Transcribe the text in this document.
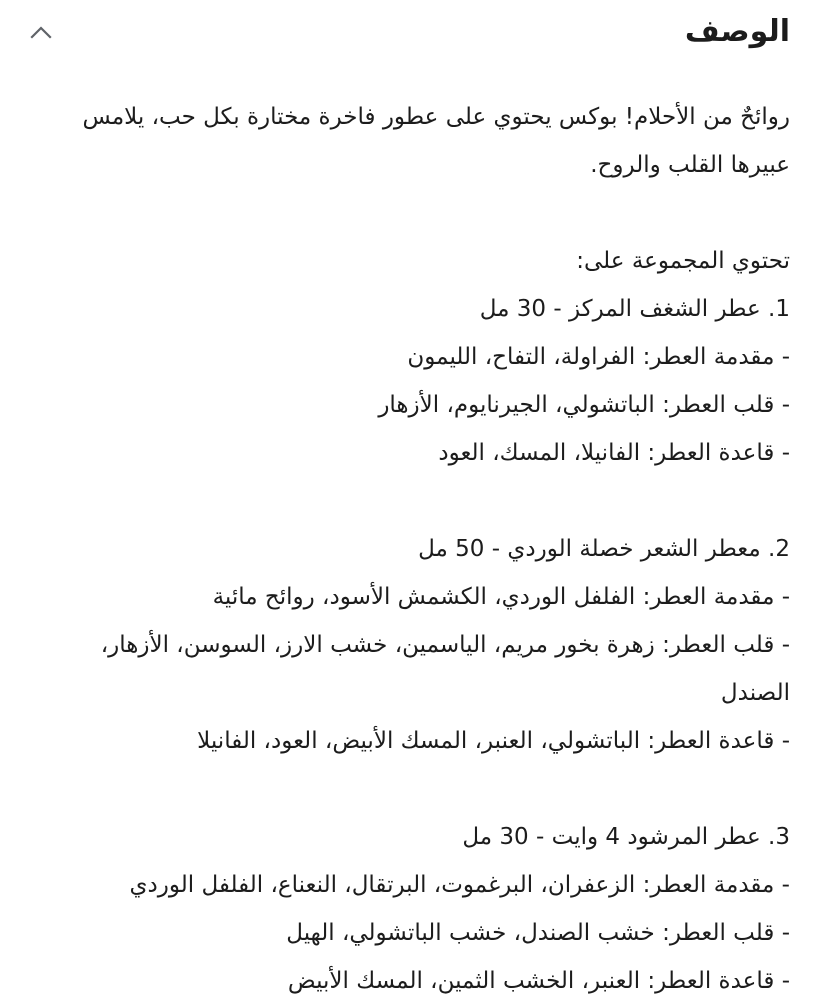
الوصف

روائحٌ من الأحلام! بوكس يحتوي على عطور فاخرة مختارة بكل حب، يلامس عبيرها القلب والروح.

تحتوي المجموعة على:
1. عطر الشغف المركز - 30 مل
- مقدمة العطر: الفراولة، التفاح، الليمون
- قلب العطر: الباتشولي، الجيرنايوم، الأزهار
- قاعدة العطر: الفانيلا، المسك، العود
2. معطر الشعر خصلة الوردي - 50 مل
- مقدمة العطر: الفلفل الوردي، الكشمش الأسود، روائح مائية
- قلب العطر: زهرة بخور مريم، الياسمين، خشب الارز، السوسن، الأزهار، الصندل
- قاعدة العطر: الباتشولي، العنبر، المسك الأبيض، العود، الفانيلا
3. عطر المرشود 4 وايت - 30 مل
- مقدمة العطر: الزعفران، البرغموت، البرتقال، النعناع، الفلفل الوردي
- قلب العطر: خشب الصندل، خشب الباتشولي، الهيل
- قاعدة العطر: العنبر، الخشب الثمين، المسك الأبيض
